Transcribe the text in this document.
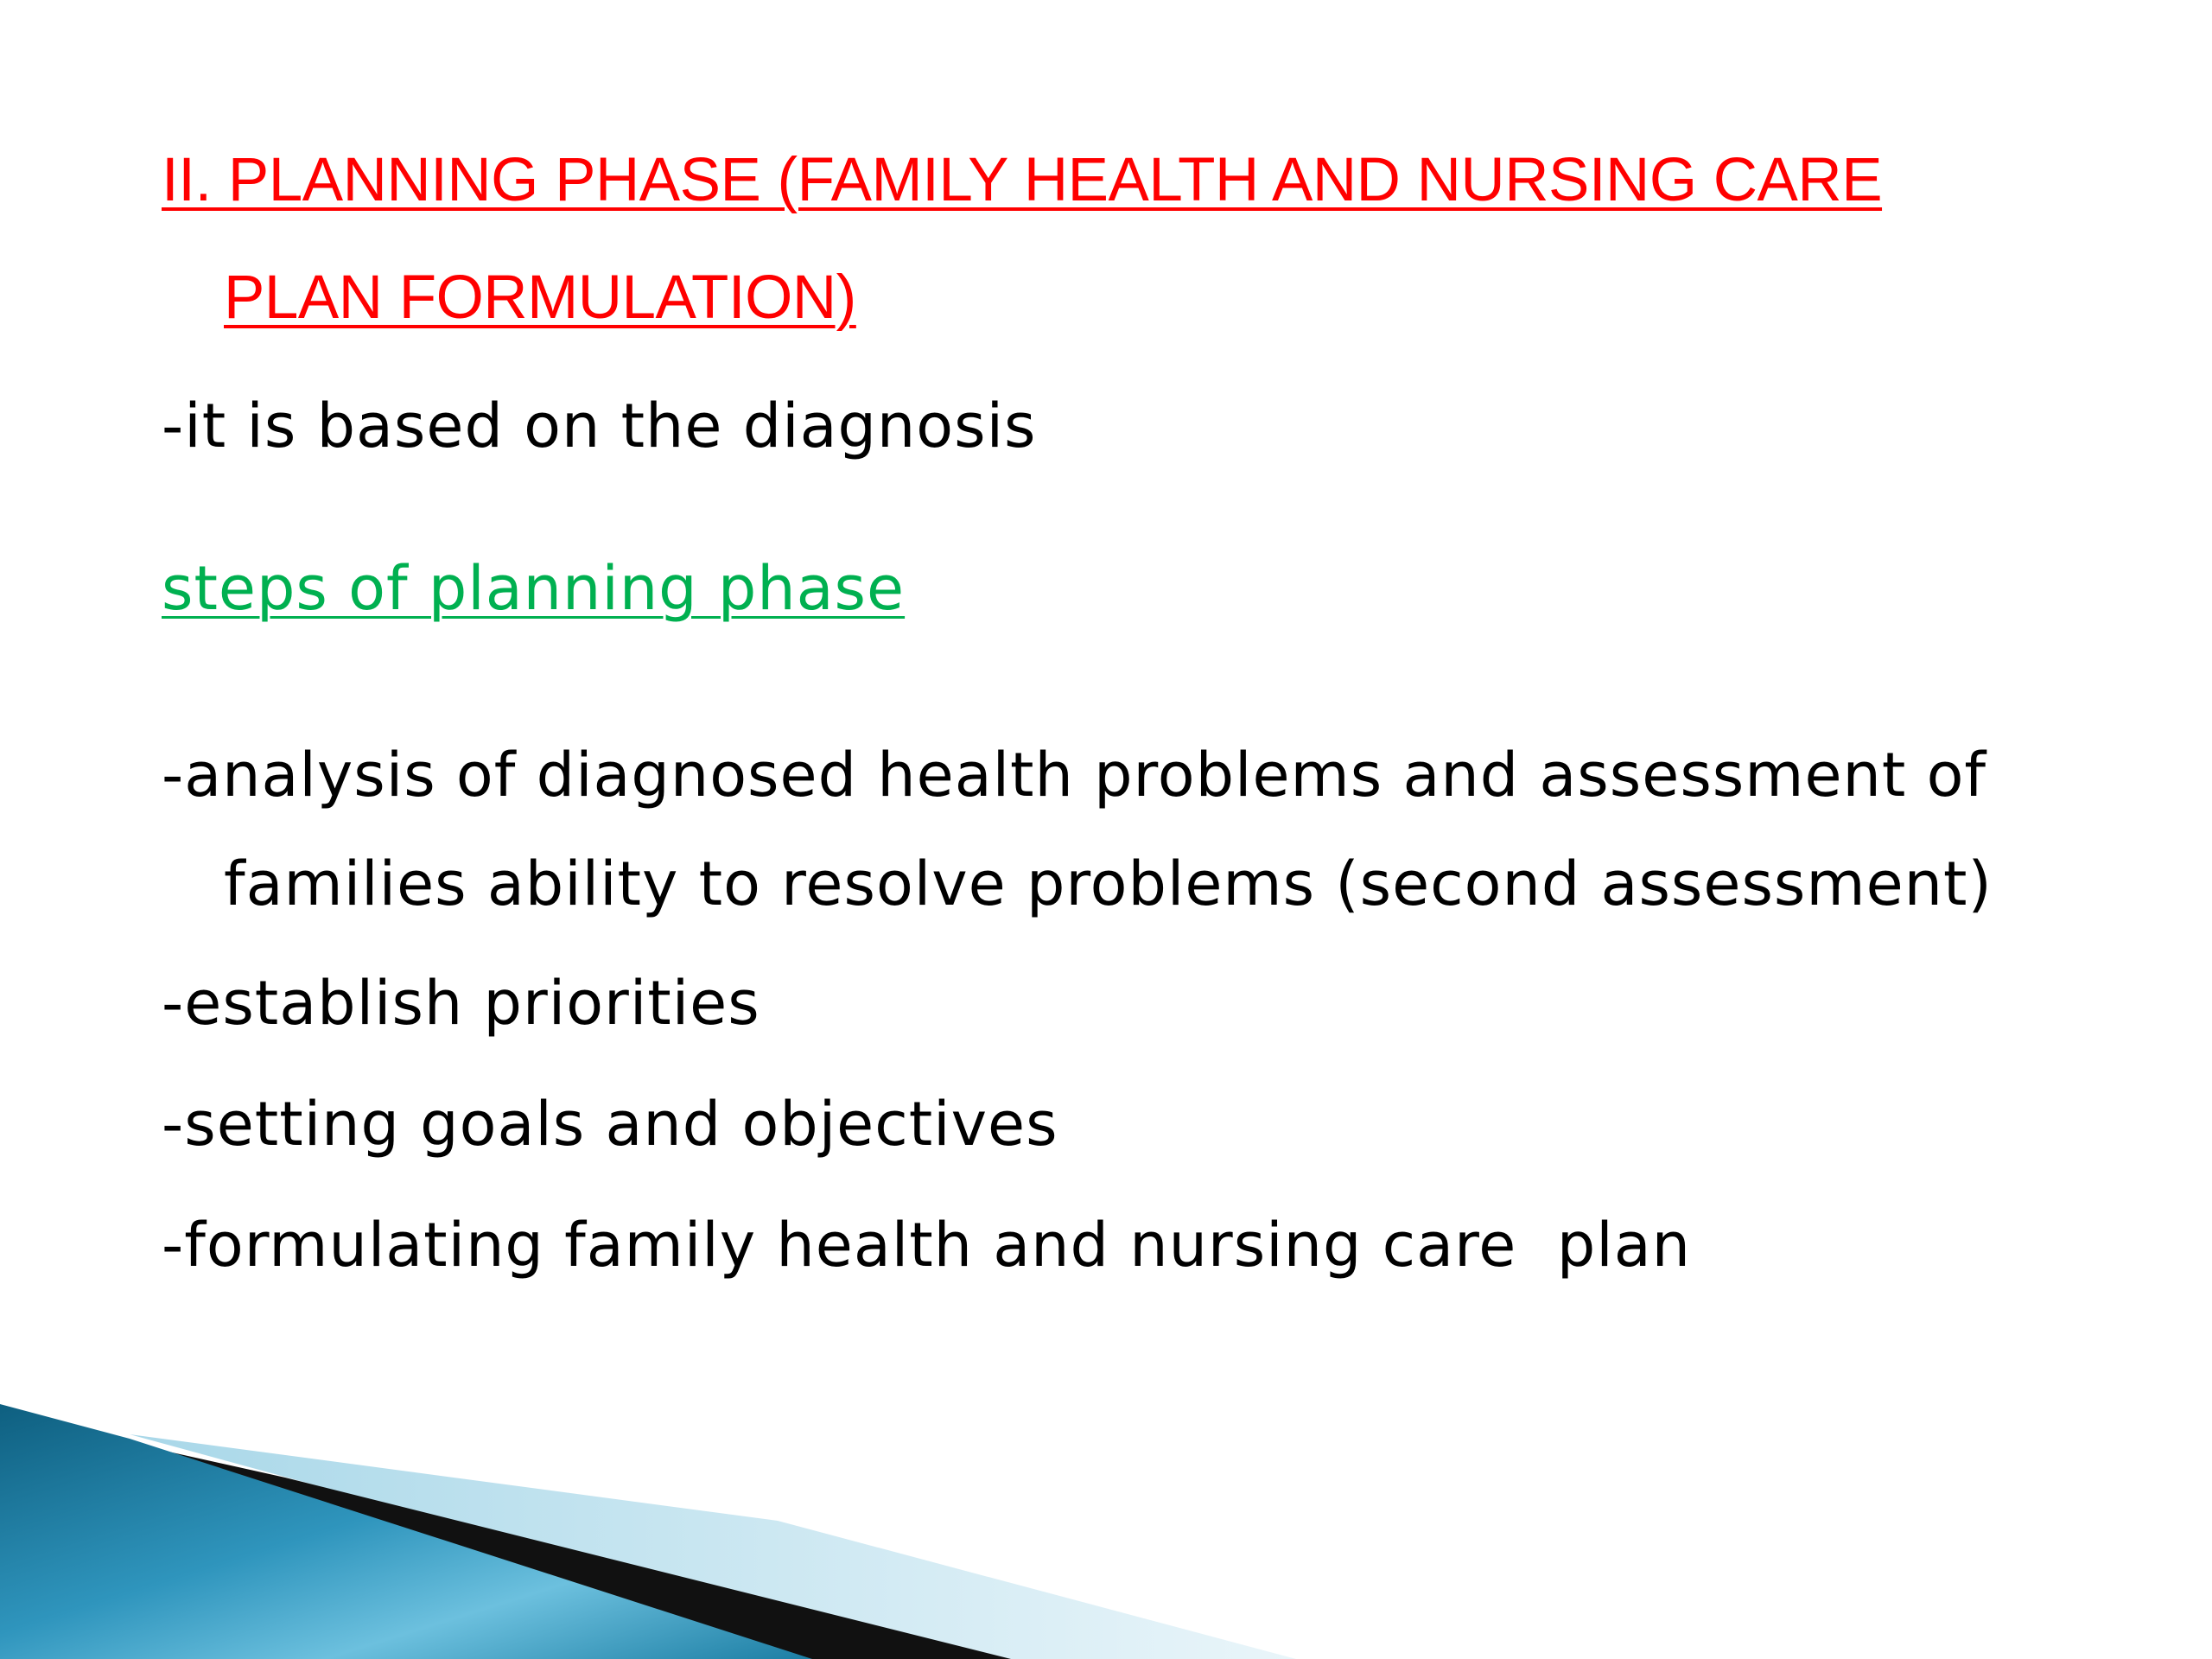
II. PLANNING PHASE (FAMILY HEALTH AND NURSING CARE
PLAN FORMULATION)
-it is based on the diagnosis
steps of planning phase
-analysis of diagnosed health problems and assessment of
families ability to resolve problems (second assessment)
-establish priorities
-setting goals and objectives
-formulating family health and nursing care  plan
